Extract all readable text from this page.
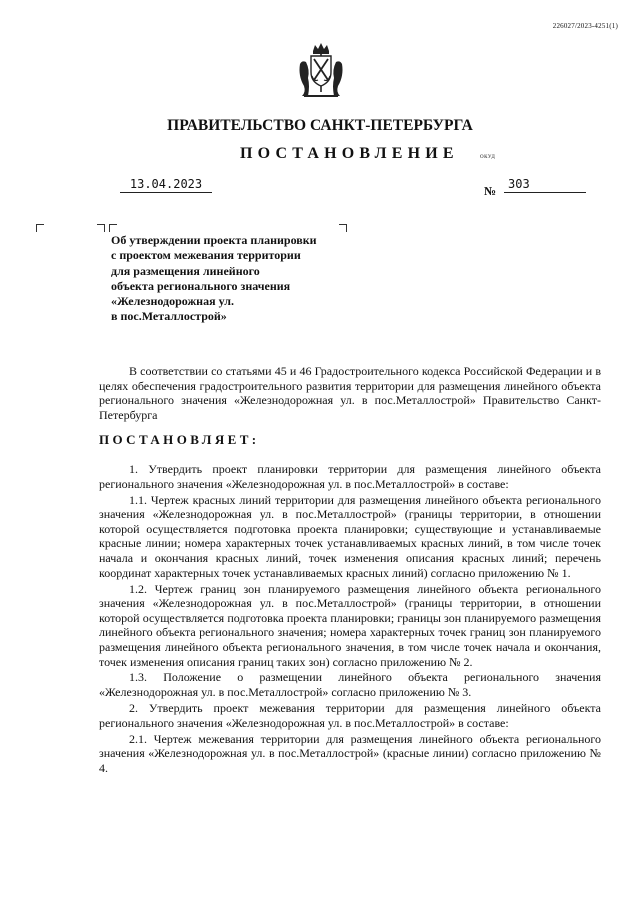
226027/2023-4251(1)
ПРАВИТЕЛЬСТВО САНКТ-ПЕТЕРБУРГА
ПОСТАНОВЛЕНИЕ	ОКУД
13.04.2023	№ 303
Об утверждении проекта планировки
с проектом межевания территории
для размещения линейного
объекта регионального значения
«Железнодорожная ул.
в пос.Металлострой»

В соответствии со статьями 45 и 46 Градостроительного кодекса Российской Федерации и в целях обеспечения градостроительного развития территории для размещения линейного объекта регионального значения «Железнодорожная ул. в пос.Металлострой» Правительство Санкт-Петербурга

ПОСТАНОВЛЯЕТ:

1. Утвердить проект планировки территории для размещения линейного объекта регионального значения «Железнодорожная ул. в пос.Металлострой» в составе:

1.1. Чертеж красных линий территории для размещения линейного объекта регионального значения «Железнодорожная ул. в пос.Металлострой» (границы территории, в отношении которой осуществляется подготовка проекта планировки; существующие и устанавливаемые красные линии; номера характерных точек устанавливаемых красных линий, в том числе точек начала и окончания красных линий, точек изменения описания красных линий; перечень координат характерных точек устанавливаемых красных линий) согласно приложению № 1.

1.2. Чертеж границ зон планируемого размещения линейного объекта регионального значения «Железнодорожная ул. в пос.Металлострой» (границы территории, в отношении которой осуществляется подготовка проекта планировки; границы зон планируемого размещения линейного объекта регионального значения; номера характерных точек границ зон планируемого размещения линейного объекта регионального значения, в том числе точек начала и окончания, точек изменения описания границ таких зон) согласно приложению № 2.

1.3. Положение о размещении линейного объекта регионального значения «Железнодорожная ул. в пос.Металлострой» согласно приложению № 3.

2. Утвердить проект межевания территории для размещения линейного объекта регионального значения «Железнодорожная ул. в пос.Металлострой» в составе:

2.1. Чертеж межевания территории для размещения линейного объекта регионального значения «Железнодорожная ул. в пос.Металлострой» (красные линии) согласно приложению № 4.
